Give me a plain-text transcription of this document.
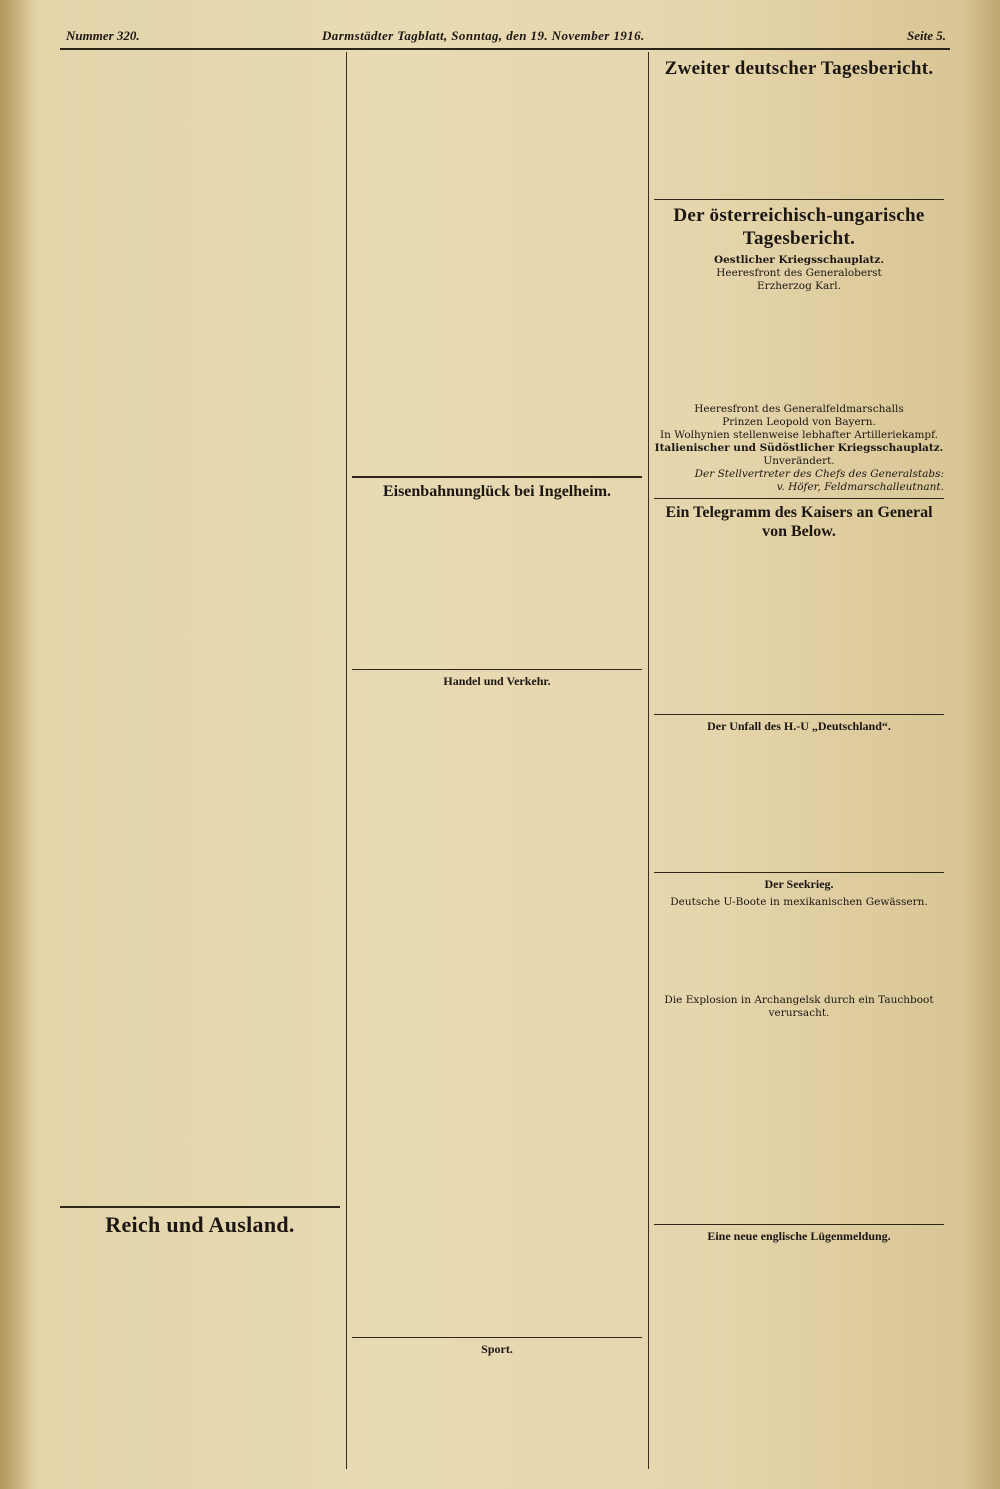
Nummer 320.	Darmstädter Tagblatt, Sonntag, den 19. November 1916.	Seite 5.
Reich und Ausland.
Eisenbahnunglück bei Ingelheim.
Handel und Verkehr.
Sport.
Zweiter deutscher Tagesbericht.
Der österreichisch-ungarische Tagesbericht.
Oestlicher Kriegsschauplatz.
Heeresfront des Generaloberst
Erzherzog Karl.
Heeresfront des Generalfeldmarschalls
Prinzen Leopold von Bayern.
In Wolhynien stellenweise lebhafter Artilleriekampf.
Italienischer und Südöstlicher Kriegsschauplatz.
Unverändert.
Der Stellvertreter des Chefs des Generalstabs:
v. Höfer, Feldmarschalleutnant.
Ein Telegramm des Kaisers an General von Below.
Der Unfall des H.-U „Deutschland“.
Der Seekrieg.
Deutsche U-Boote in mexikanischen Gewässern.
Die Explosion in Archangelsk durch ein Tauchboot verursacht.
Eine neue englische Lügenmeldung.
